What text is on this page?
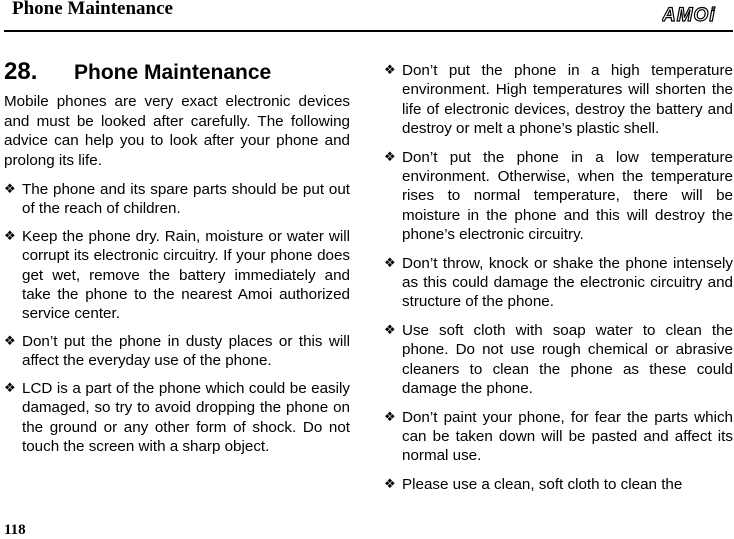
Phone Maintenance	AMOi
28.	Phone Maintenance

Mobile phones are very exact electronic devices and must be looked after carefully. The following advice can help you to look after your phone and prolong its life.

❖ The phone and its spare parts should be put out of the reach of children.
❖ Keep the phone dry. Rain, moisture or water will corrupt its electronic circuitry. If your phone does get wet, remove the battery immediately and take the phone to the nearest Amoi authorized service center.
❖ Don’t put the phone in dusty places or this will affect the everyday use of the phone.
❖ LCD is a part of the phone which could be easily damaged, so try to avoid dropping the phone on the ground or any other form of shock. Do not touch the screen with a sharp object.
❖ Don’t put the phone in a high temperature environment. High temperatures will shorten the life of electronic devices, destroy the battery and destroy or melt a phone’s plastic shell.
❖ Don’t put the phone in a low temperature environment. Otherwise, when the temperature rises to normal temperature, there will be moisture in the phone and this will destroy the phone’s electronic circuitry.
❖ Don’t throw, knock or shake the phone intensely as this could damage the electronic circuitry and structure of the phone.
❖ Use soft cloth with soap water to clean the phone. Do not use rough chemical or abrasive cleaners to clean the phone as these could damage the phone.
❖ Don’t paint your phone, for fear the parts which can be taken down will be pasted and affect its normal use.
❖ Please use a clean, soft cloth to clean the
118
